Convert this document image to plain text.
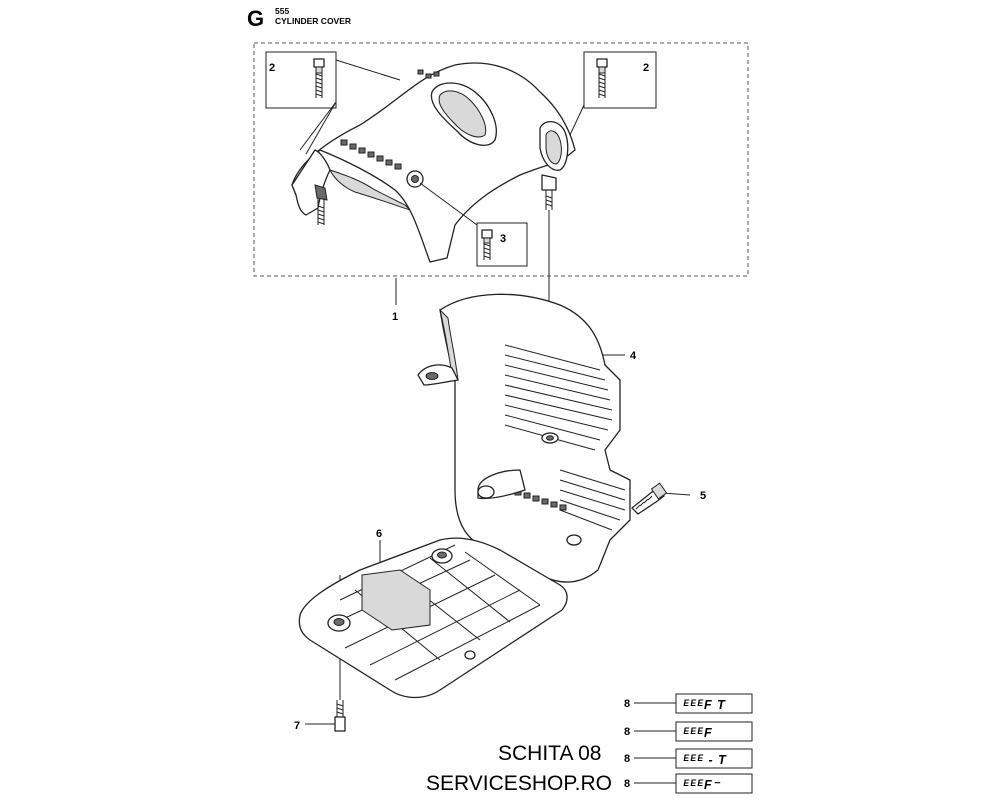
G 555
CYLINDER COVER
2	2
3
1
4
5
6
7
8	ᴱᴱᴱF T
8	ᴱᴱᴱF
8	ᴱᴱᴱ - T
8	ᴱᴱᴱF⁻
SCHITA 08
SERVICESHOP.RO
